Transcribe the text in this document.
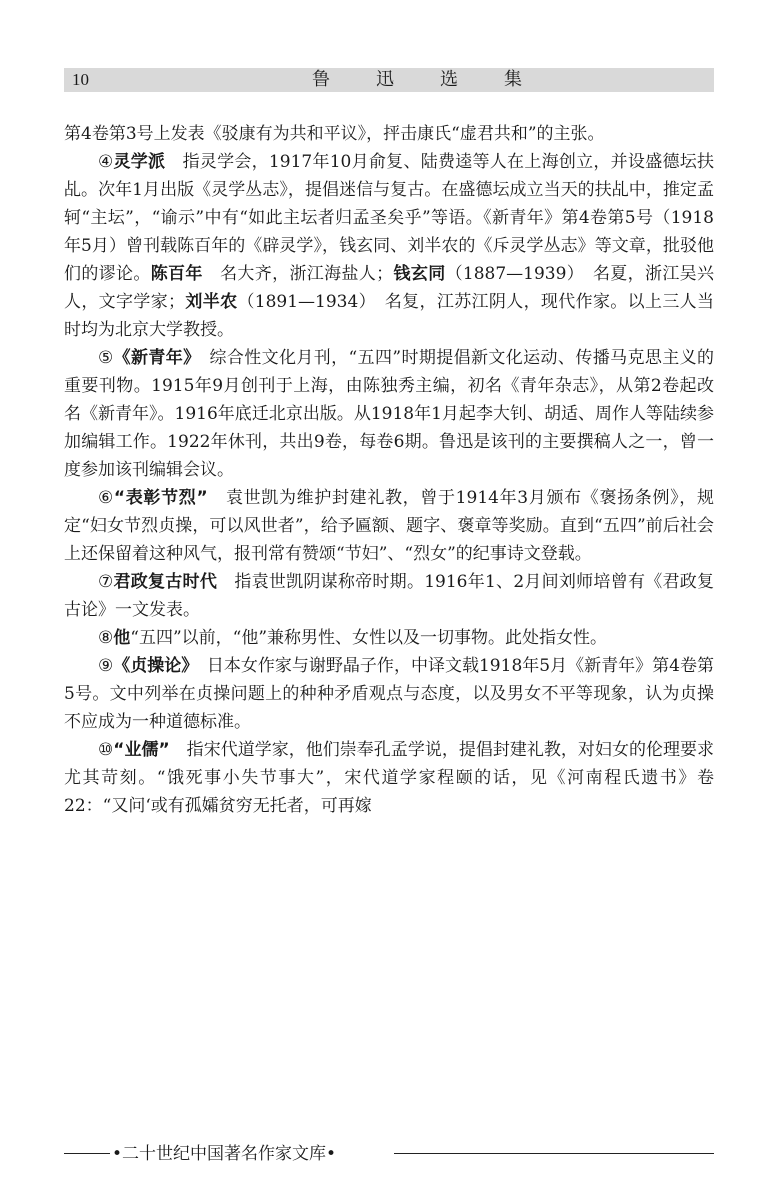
10	鲁迅选集

第4卷第3号上发表《驳康有为共和平议》，抨击康氏“虚君共和”的主张。

④灵学派　指灵学会，1917年10月俞复、陆费逵等人在上海创立，并设盛德坛扶乩。次年1月出版《灵学丛志》，提倡迷信与复古。在盛德坛成立当天的扶乩中，推定孟轲“主坛”，“谕示”中有“如此主坛者归孟圣矣乎”等语。《新青年》第4卷第5号（1918年5月）曾刊载陈百年的《辟灵学》，钱玄同、刘半农的《斥灵学丛志》等文章，批驳他们的谬论。陈百年　名大齐，浙江海盐人；钱玄同（1887—1939）　名夏，浙江吴兴人，文字学家；刘半农（1891—1934）　名复，江苏江阴人，现代作家。以上三人当时均为北京大学教授。

⑤《新青年》　综合性文化月刊，“五四”时期提倡新文化运动、传播马克思主义的重要刊物。1915年9月创刊于上海，由陈独秀主编，初名《青年杂志》，从第2卷起改名《新青年》。1916年底迁北京出版。从1918年1月起李大钊、胡适、周作人等陆续参加编辑工作。1922年休刊，共出9卷，每卷6期。鲁迅是该刊的主要撰稿人之一，曾一度参加该刊编辑会议。

⑥“表彰节烈”　袁世凯为维护封建礼教，曾于1914年3月颁布《褒扬条例》，规定“妇女节烈贞操，可以风世者”，给予匾额、题字、褒章等奖励。直到“五四”前后社会上还保留着这种风气，报刊常有赞颂“节妇”、“烈女”的纪事诗文登载。

⑦君政复古时代　指袁世凯阴谋称帝时期。1916年1、2月间刘师培曾有《君政复古论》一文发表。

⑧他“五四”以前，“他”兼称男性、女性以及一切事物。此处指女性。

⑨《贞操论》　日本女作家与谢野晶子作，中译文载1918年5月《新青年》第4卷第5号。文中列举在贞操问题上的种种矛盾观点与态度，以及男女不平等现象，认为贞操不应成为一种道德标准。

⑩“业儒”　指宋代道学家，他们崇奉孔孟学说，提倡封建礼教，对妇女的伦理要求尤其苛刻。“饿死事小失节事大”，宋代道学家程颐的话，见《河南程氏遗书》卷22：“又问‘或有孤孀贫穷无托者，可再嫁

•二十世纪中国著名作家文库•
